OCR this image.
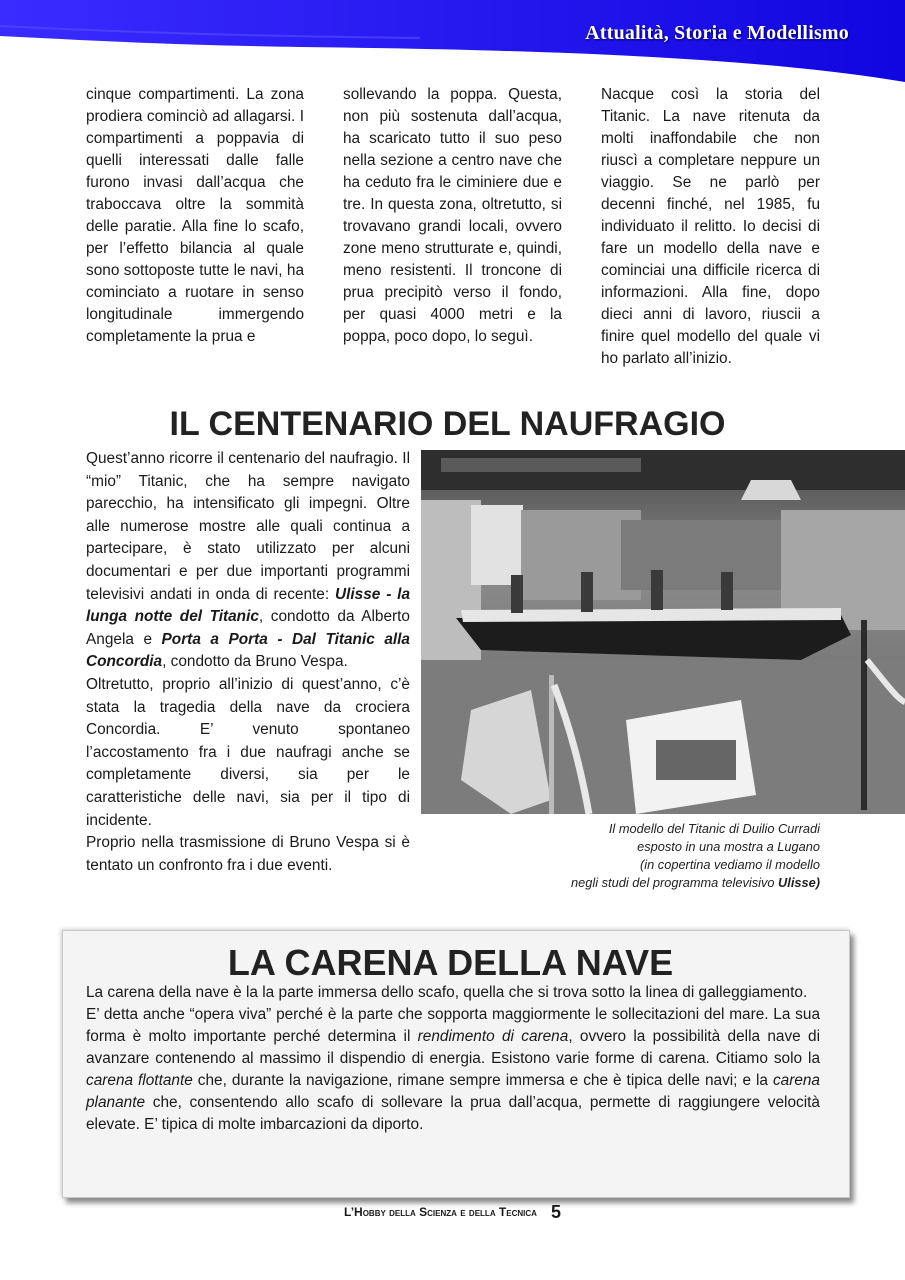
Attualità, Storia e Modellismo

cinque compartimenti. La zona prodiera cominciò ad allagarsi. I compartimenti a poppavia di quelli interessati dalle falle furono invasi dall’acqua che traboccava oltre la sommità delle paratie. Alla fine lo scafo, per l’effetto bilancia al quale sono sottoposte tutte le navi, ha cominciato a ruotare in senso longitudinale immergendo completamente la prua e

sollevando la poppa. Questa, non più sostenuta dall’acqua, ha scaricato tutto il suo peso nella sezione a centro nave che ha ceduto fra le ciminiere due e tre. In questa zona, oltretutto, si trovavano grandi locali, ovvero zone meno strutturate e, quindi, meno resistenti. Il troncone di prua precipitò verso il fondo, per quasi 4000 metri e la poppa, poco dopo, lo seguì.

Nacque così la storia del Titanic. La nave ritenuta da molti inaffondabile che non riuscì a completare neppure un viaggio. Se ne parlò per decenni finché, nel 1985, fu individuato il relitto. Io decisi di fare un modello della nave e cominciai una difficile ricerca di informazioni. Alla fine, dopo dieci anni di lavoro, riuscii a finire quel modello del quale vi ho parlato all’inizio.

IL CENTENARIO DEL NAUFRAGIO

Quest’anno ricorre il centenario del naufragio. Il “mio” Titanic, che ha sempre navigato parecchio, ha intensificato gli impegni. Oltre alle numerose mostre alle quali continua a partecipare, è stato utilizzato per alcuni documentari e per due importanti programmi televisivi andati in onda di recente: Ulisse - la lunga notte del Titanic, condotto da Alberto Angela e Porta a Porta - Dal Titanic alla Concordia, condotto da Bruno Vespa.

Oltretutto, proprio all’inizio di quest’anno, c’è stata la tragedia della nave da crociera Concordia. E’ venuto spontaneo l’accostamento fra i due naufragi anche se completamente diversi, sia per le caratteristiche delle navi, sia per il tipo di incidente.

Proprio nella trasmissione di Bruno Vespa si è tentato un confronto fra i due eventi.

Il modello del Titanic di Duilio Curradi
esposto in una mostra a Lugano
(in copertina vediamo il modello
negli studi del programma televisivo Ulisse)
LA CARENA DELLA NAVE

La carena della nave è la la parte immersa dello scafo, quella che si trova sotto la linea di galleggiamento.

E’ detta anche “opera viva” perché è la parte che sopporta maggiormente le sollecitazioni del mare. La sua forma è molto importante perché determina il rendimento di carena, ovvero la possibilità della nave di avanzare contenendo al massimo il dispendio di energia. Esistono varie forme di carena. Citiamo solo la carena flottante che, durante la navigazione, rimane sempre immersa e che è tipica delle navi; e la carena planante che, consentendo allo scafo di sollevare la prua dall’acqua, permette di raggiungere velocità elevate. E’ tipica di molte imbarcazioni da diporto.

L’Hobby della Scienza e della Tecnica 5
